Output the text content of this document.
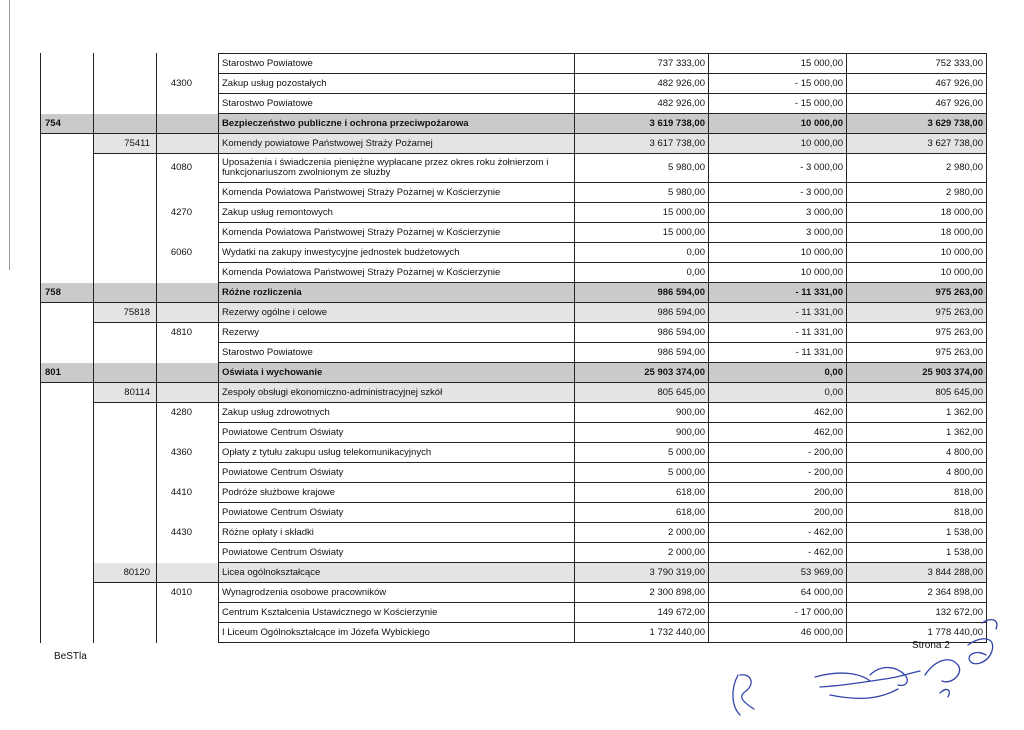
			Starostwo Powiatowe	737 333,00	15 000,00	752 333,00
		4300	Zakup usług pozostałych	482 926,00	- 15 000,00	467 926,00
			Starostwo Powiatowe	482 926,00	- 15 000,00	467 926,00
754			Bezpieczeństwo publiczne i ochrona przeciwpożarowa	3 619 738,00	10 000,00	3 629 738,00
	75411		Komendy powiatowe Państwowej Straży Pożarnej	3 617 738,00	10 000,00	3 627 738,00
		4080	Uposażenia i świadczenia pieniężne wypłacane przez okres roku żołnierzom i funkcjonariuszom zwolnionym ze służby	5 980,00	- 3 000,00	2 980,00
			Komenda Powiatowa Państwowej Straży Pożarnej w Kościerzynie	5 980,00	- 3 000,00	2 980,00
		4270	Zakup usług remontowych	15 000,00	3 000,00	18 000,00
			Komenda Powiatowa Państwowej Straży Pożarnej w Kościerzynie	15 000,00	3 000,00	18 000,00
		6060	Wydatki na zakupy inwestycyjne jednostek budżetowych	0,00	10 000,00	10 000,00
			Komenda Powiatowa Państwowej Straży Pożarnej w Kościerzynie	0,00	10 000,00	10 000,00
758			Różne rozliczenia	986 594,00	- 11 331,00	975 263,00
	75818		Rezerwy ogólne i celowe	986 594,00	- 11 331,00	975 263,00
		4810	Rezerwy	986 594,00	- 11 331,00	975 263,00
			Starostwo Powiatowe	986 594,00	- 11 331,00	975 263,00
801			Oświata i wychowanie	25 903 374,00	0,00	25 903 374,00
	80114		Zespoły obsługi ekonomiczno-administracyjnej szkół	805 645,00	0,00	805 645,00
		4280	Zakup usług zdrowotnych	900,00	462,00	1 362,00
			Powiatowe Centrum Oświaty	900,00	462,00	1 362,00
		4360	Opłaty z tytułu zakupu usług telekomunikacyjnych	5 000,00	- 200,00	4 800,00
			Powiatowe Centrum Oświaty	5 000,00	- 200,00	4 800,00
		4410	Podróże służbowe krajowe	618,00	200,00	818,00
			Powiatowe Centrum Oświaty	618,00	200,00	818,00
		4430	Różne opłaty i składki	2 000,00	- 462,00	1 538,00
			Powiatowe Centrum Oświaty	2 000,00	- 462,00	1 538,00
	80120		Licea ogólnokształcące	3 790 319,00	53 969,00	3 844 288,00
		4010	Wynagrodzenia osobowe pracowników	2 300 898,00	64 000,00	2 364 898,00
			Centrum Kształcenia Ustawicznego w Kościerzynie	149 672,00	- 17 000,00	132 672,00
			I Liceum Ogólnokształcące im Józefa Wybickiego	1 732 440,00	46 000,00	1 778 440,00
BeSTla
Strona 2
